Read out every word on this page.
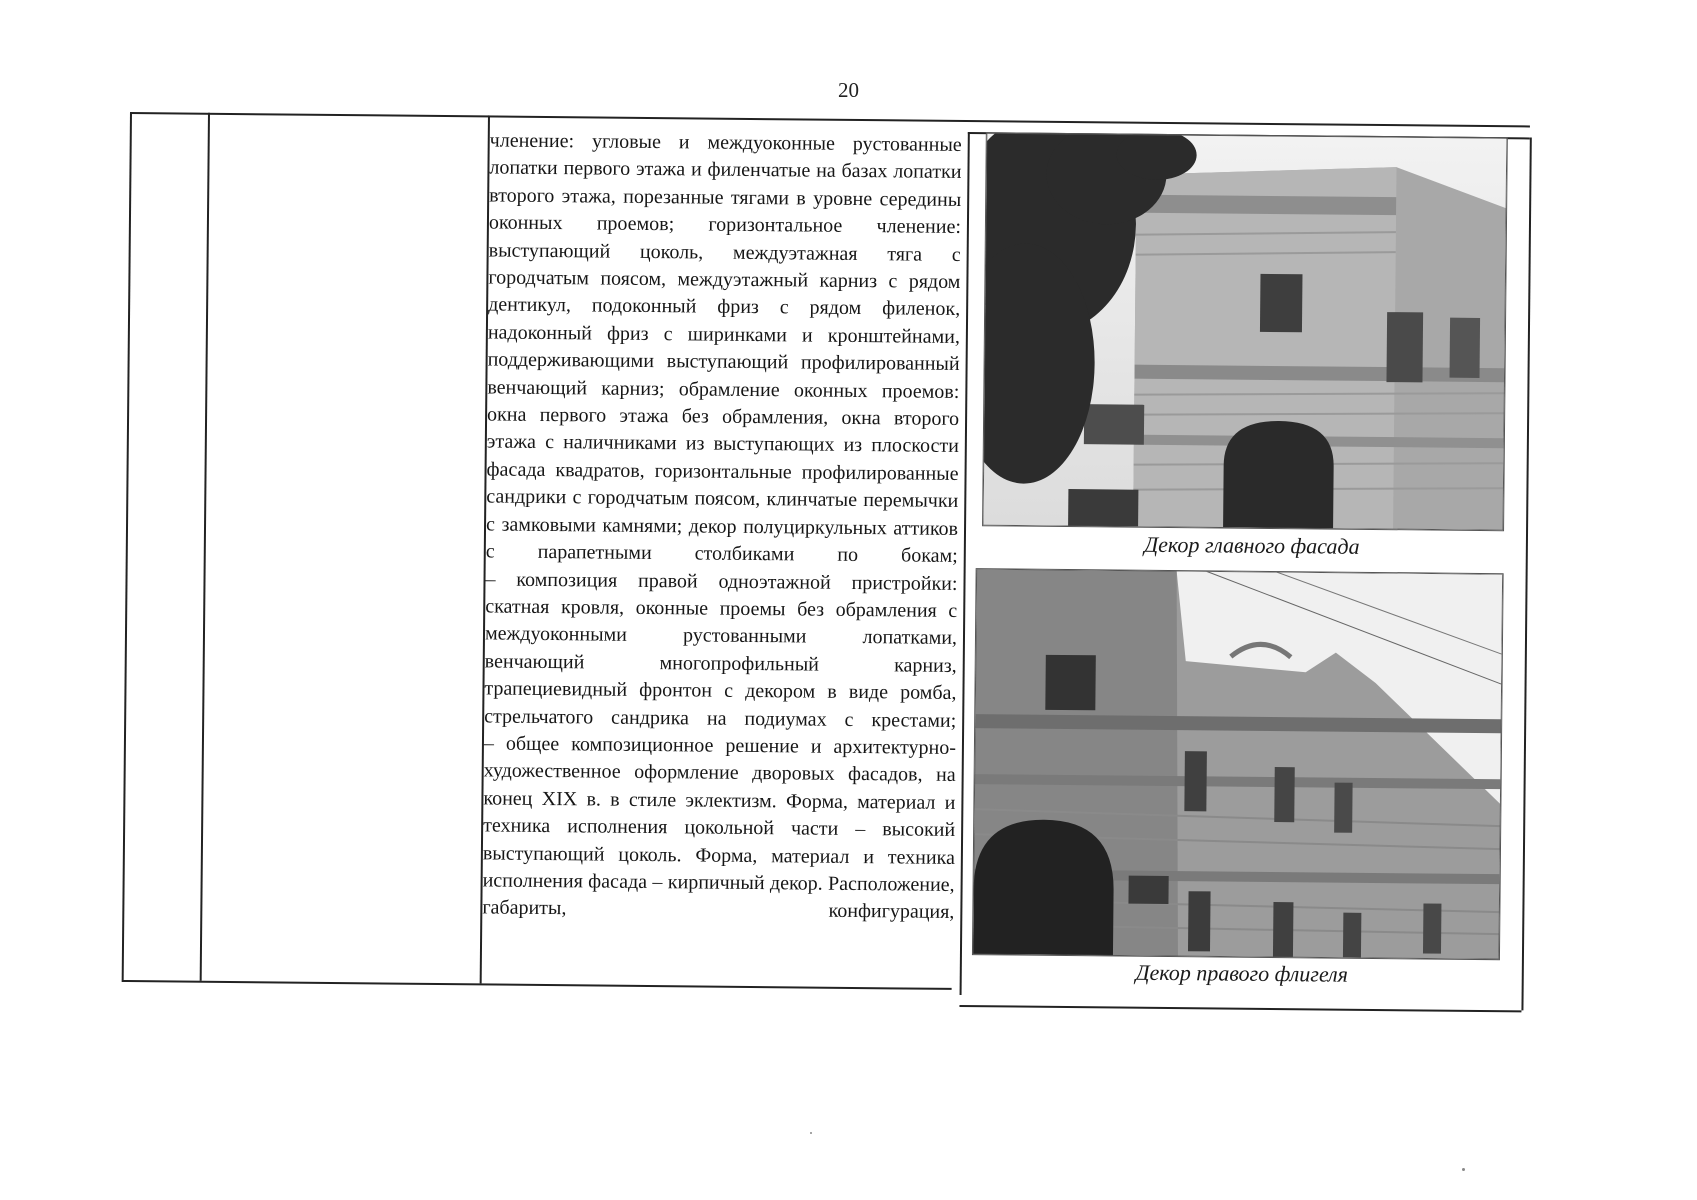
20

членение: угловые и междуоконные рустованные лопатки первого этажа и филенчатые на базах лопатки второго этажа, порезанные тягами в уровне середины оконных проемов; горизонтальное членение: выступающий цоколь, междуэтажная тяга с городчатым поясом, междуэтажный карниз с рядом дентикул, подоконный фриз с рядом филенок, надоконный фриз с ширинками и кронштейнами, поддерживающими выступающий профилированный венчающий карниз; обрамление оконных проемов: окна первого этажа без обрамления, окна второго этажа с наличниками из выступающих из плоскости фасада квадратов, горизонтальные профилированные сандрики с городчатым поясом, клинчатые перемычки с замковыми камнями; декор полуциркульных аттиков с парапетными столбиками по бокам;

– композиция правой одноэтажной пристройки: скатная кровля, оконные проемы без обрамления с междуоконными рустованными лопатками, венчающий многопрофильный карниз, трапециевидный фронтон с декором в виде ромба, стрельчатого сандрика на подиумах с крестами;

– общее композиционное решение и архитектурно-художественное оформление дворовых фасадов, на конец XIX в. в стиле эклектизм. Форма, материал и техника исполнения цокольной части – высокий выступающий цоколь. Форма, материал и техника исполнения фасада – кирпичный декор. Расположение, габариты, конфигурация,

Декор главного фасада
Декор правого флигеля
